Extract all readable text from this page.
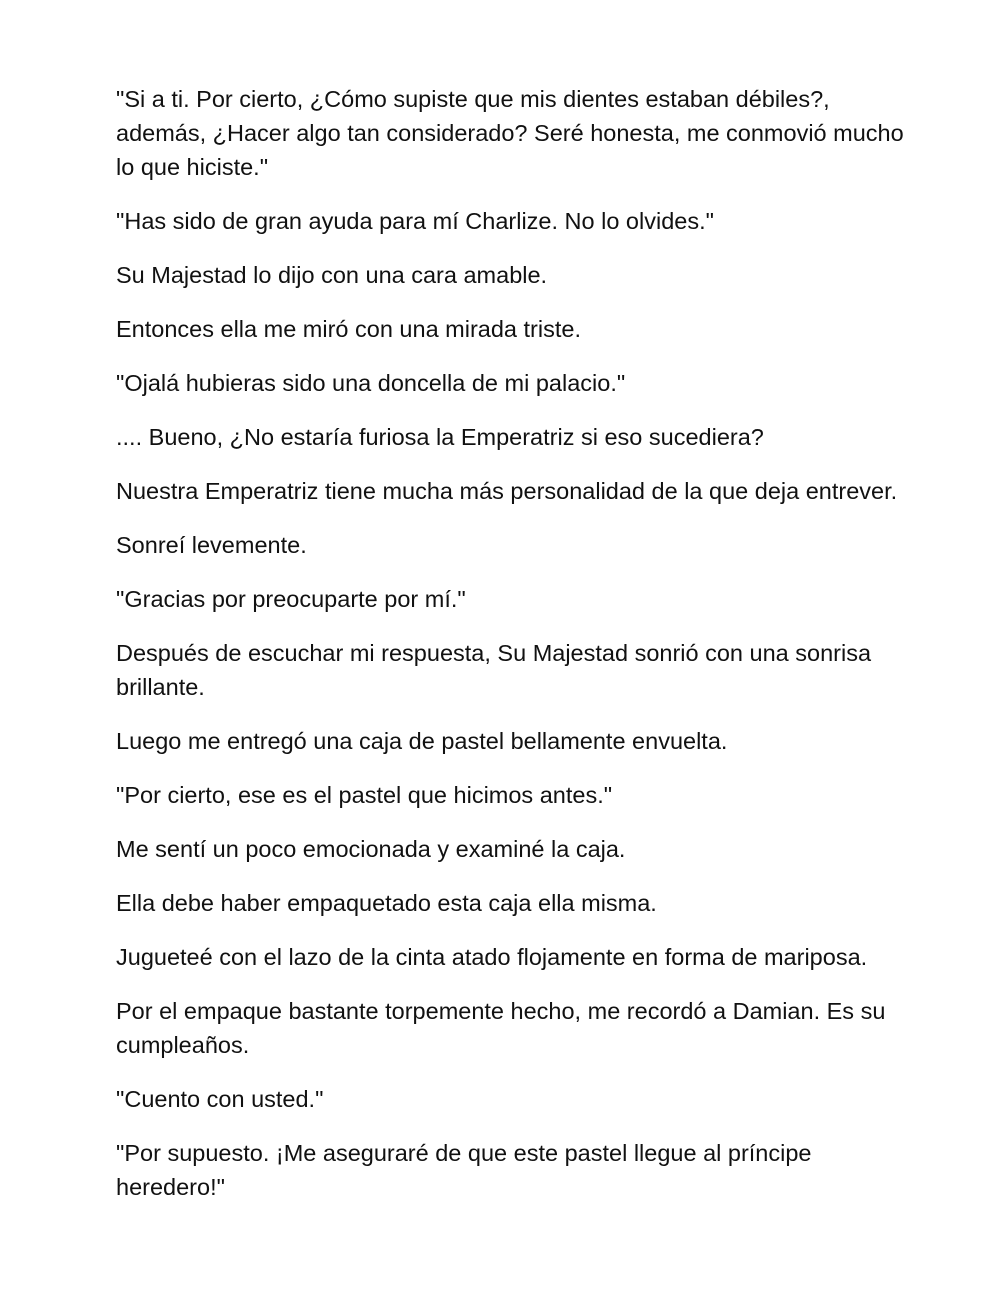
"Si a ti. Por cierto, ¿Cómo supiste que mis dientes estaban débiles?, además, ¿Hacer algo tan considerado? Seré honesta, me conmovió mucho lo que hiciste."

"Has sido de gran ayuda para mí Charlize. No lo olvides."

Su Majestad lo dijo con una cara amable.

Entonces ella me miró con una mirada triste.

"Ojalá hubieras sido una doncella de mi palacio."

.... Bueno, ¿No estaría furiosa la Emperatriz si eso sucediera?

Nuestra Emperatriz tiene mucha más personalidad de la que deja entrever.

Sonreí levemente.

"Gracias por preocuparte por mí."

Después de escuchar mi respuesta, Su Majestad sonrió con una sonrisa brillante.

Luego me entregó una caja de pastel bellamente envuelta.

"Por cierto, ese es el pastel que hicimos antes."

Me sentí un poco emocionada y examiné la caja.

Ella debe haber empaquetado esta caja ella misma.

Jugueteé con el lazo de la cinta atado flojamente en forma de mariposa.

Por el empaque bastante torpemente hecho, me recordó a Damian. Es su cumpleaños.

"Cuento con usted."

"Por supuesto. ¡Me aseguraré de que este pastel llegue al príncipe heredero!"
